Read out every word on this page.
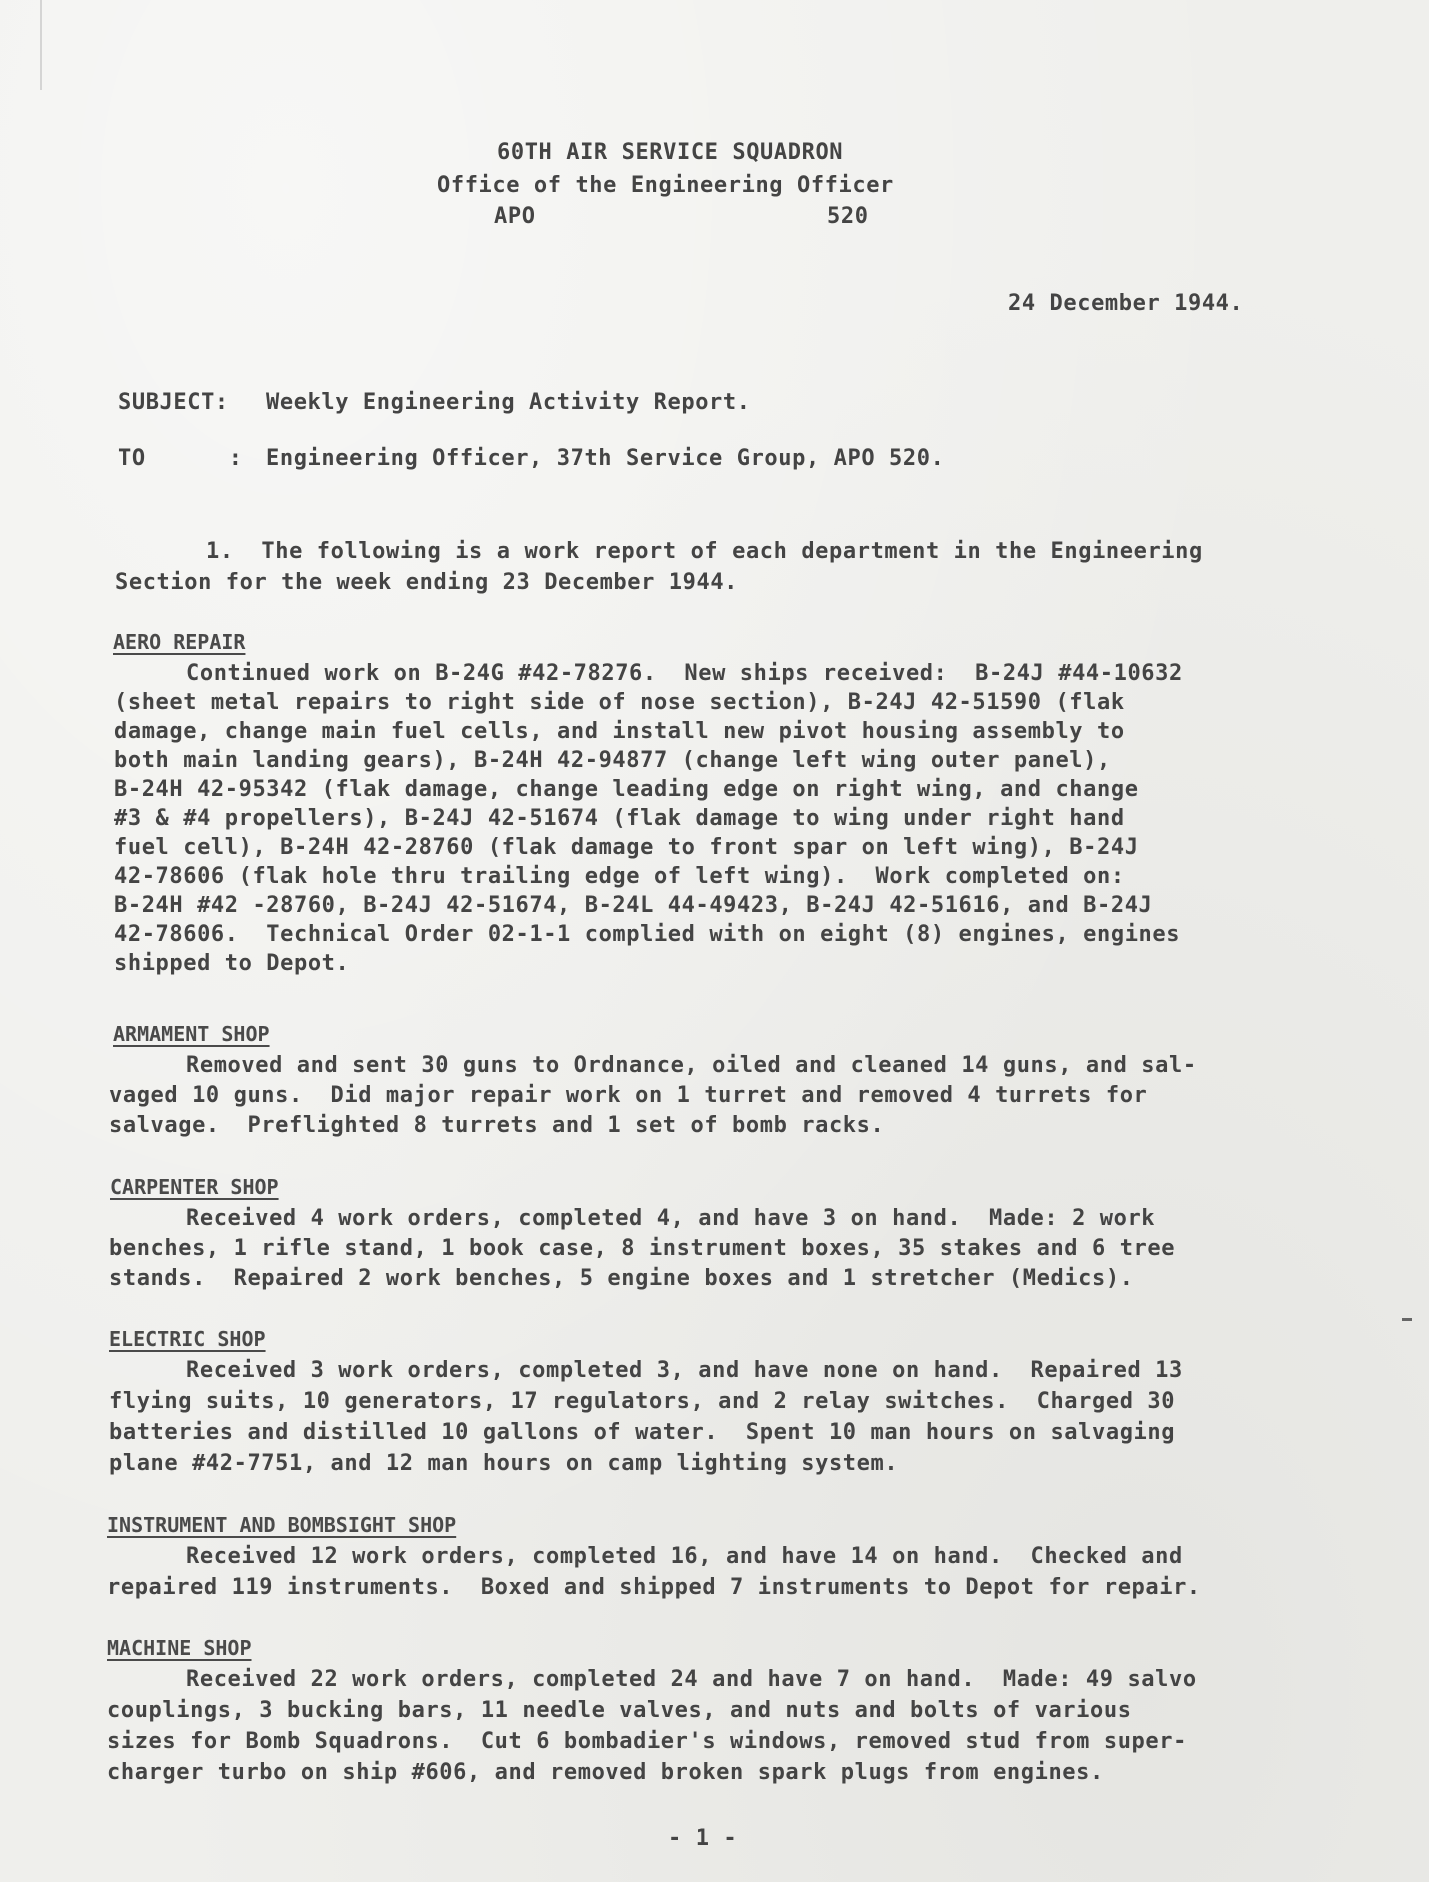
60TH AIR SERVICE SQUADRON
Office of the Engineering Officer
APO	520
24 December 1944.
SUBJECT: Weekly Engineering Activity Report.
TO      : Engineering Officer, 37th Service Group, APO 520.
1.  The following is a work report of each department in the Engineering
Section for the week ending 23 December 1944.
AERO REPAIR
Continued work on B-24G #42-78276.  New ships received:  B-24J #44-10632
(sheet metal repairs to right side of nose section), B-24J 42-51590 (flak
damage, change main fuel cells, and install new pivot housing assembly to
both main landing gears), B-24H 42-94877 (change left wing outer panel),
B-24H 42-95342 (flak damage, change leading edge on right wing, and change
#3 & #4 propellers), B-24J 42-51674 (flak damage to wing under right hand
fuel cell), B-24H 42-28760 (flak damage to front spar on left wing), B-24J
42-78606 (flak hole thru trailing edge of left wing).  Work completed on:
B-24H #42 -28760, B-24J 42-51674, B-24L 44-49423, B-24J 42-51616, and B-24J
42-78606.  Technical Order 02-1-1 complied with on eight (8) engines, engines
shipped to Depot.
ARMAMENT SHOP
Removed and sent 30 guns to Ordnance, oiled and cleaned 14 guns, and sal-
vaged 10 guns.  Did major repair work on 1 turret and removed 4 turrets for
salvage.  Preflighted 8 turrets and 1 set of bomb racks.
CARPENTER SHOP
Received 4 work orders, completed 4, and have 3 on hand.  Made: 2 work
benches, 1 rifle stand, 1 book case, 8 instrument boxes, 35 stakes and 6 tree
stands.  Repaired 2 work benches, 5 engine boxes and 1 stretcher (Medics).
ELECTRIC SHOP
Received 3 work orders, completed 3, and have none on hand.  Repaired 13
flying suits, 10 generators, 17 regulators, and 2 relay switches.  Charged 30
batteries and distilled 10 gallons of water.  Spent 10 man hours on salvaging
plane #42-7751, and 12 man hours on camp lighting system.
INSTRUMENT AND BOMBSIGHT SHOP
Received 12 work orders, completed 16, and have 14 on hand.  Checked and
repaired 119 instruments.  Boxed and shipped 7 instruments to Depot for repair.
MACHINE SHOP
Received 22 work orders, completed 24 and have 7 on hand.  Made: 49 salvo
couplings, 3 bucking bars, 11 needle valves, and nuts and bolts of various
sizes for Bomb Squadrons.  Cut 6 bombadier's windows, removed stud from super-
charger turbo on ship #606, and removed broken spark plugs from engines.
- 1 -
